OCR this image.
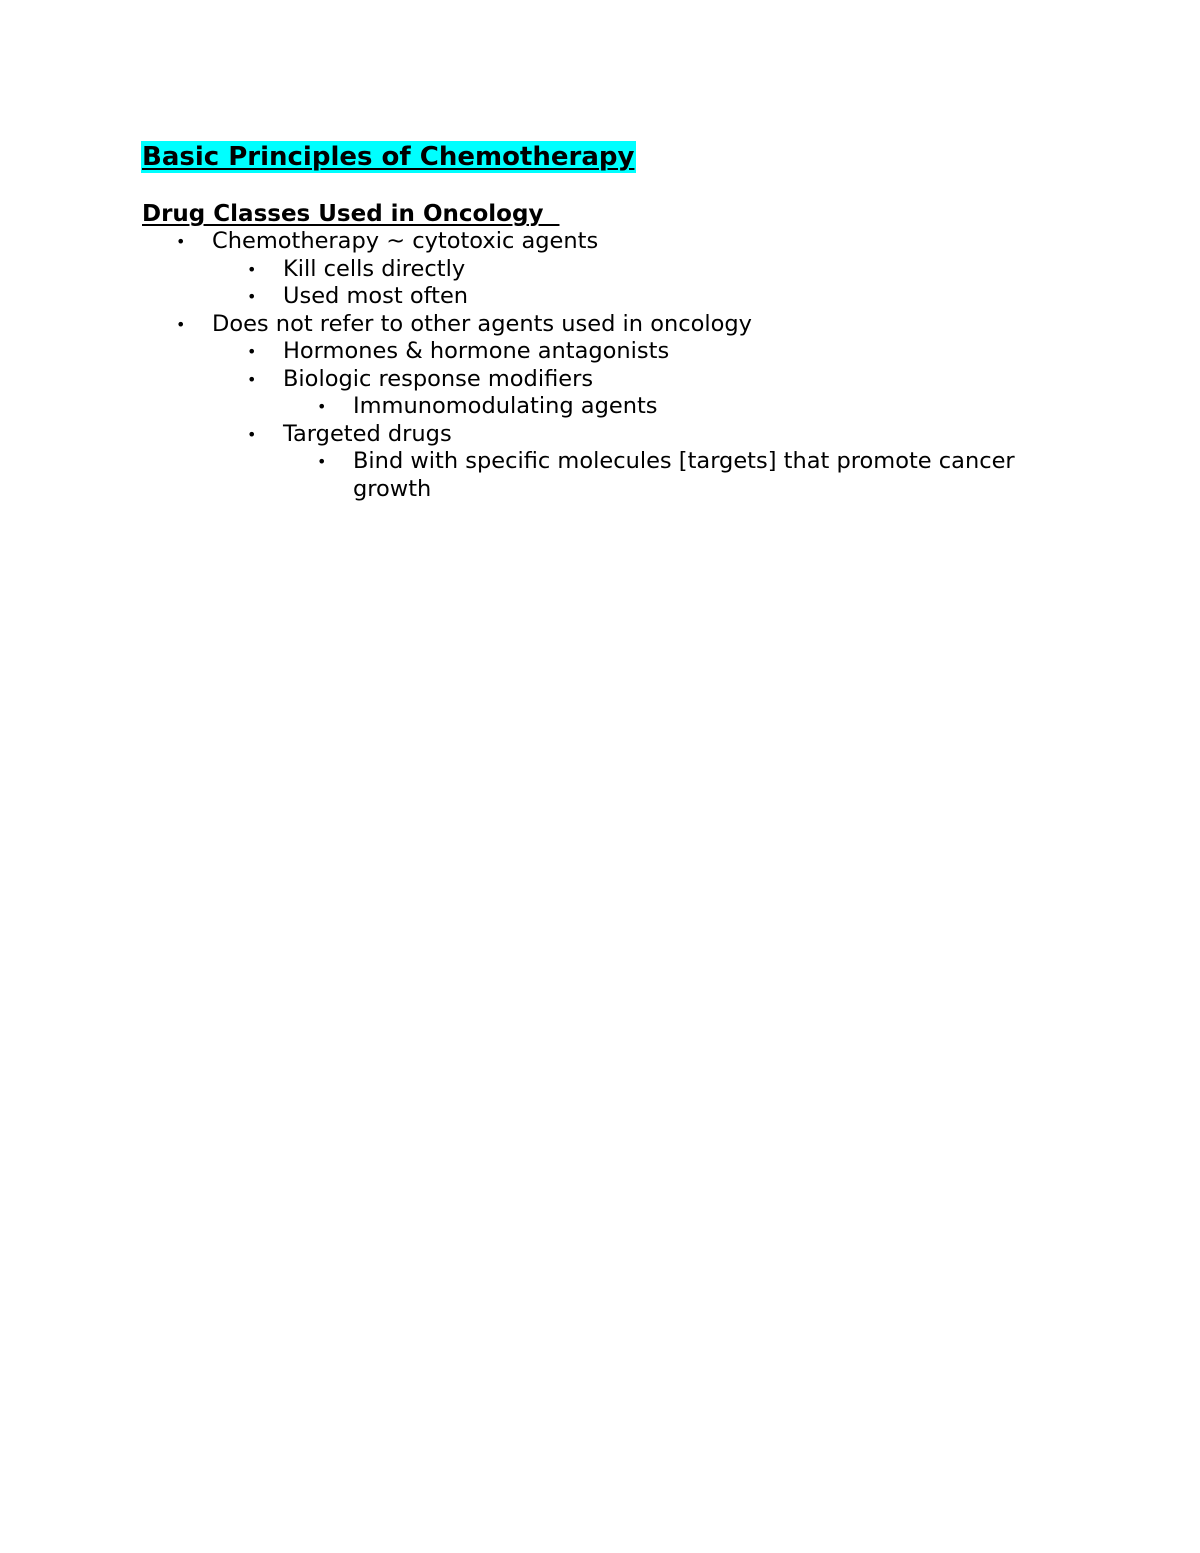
Basic Principles of Chemotherapy
Drug Classes Used in Oncology
• Chemotherapy ~ cytotoxic agents
• Kill cells directly
• Used most often
• Does not refer to other agents used in oncology
• Hormones & hormone antagonists
• Biologic response modifiers
• Immunomodulating agents
• Targeted drugs
• Bind with specific molecules [targets] that promote cancer growth
